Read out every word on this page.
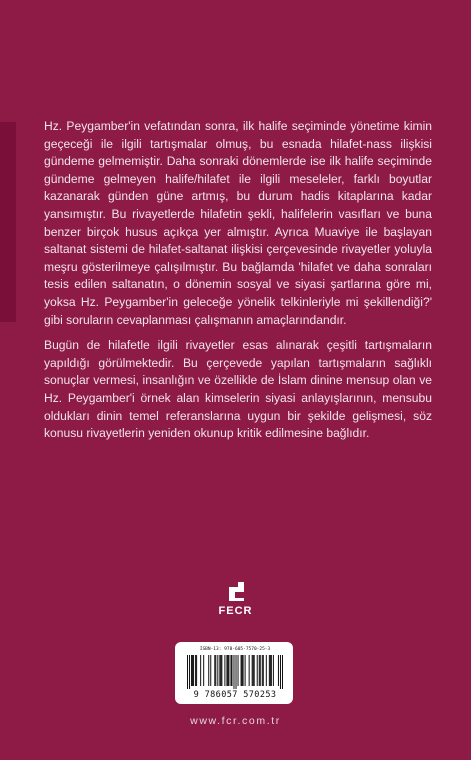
Hz. Peygamber'in vefatından sonra, ilk halife seçiminde yönetime kimin geçeceği ile ilgili tartışmalar olmuş, bu esnada hilafet-nass ilişkisi gündeme gelmemiştir. Daha sonraki dönemlerde ise ilk halife seçiminde gündeme gelmeyen halife/hilafet ile ilgili meseleler, farklı boyutlar kazanarak günden güne artmış, bu durum hadis kitaplarına kadar yansımıştır. Bu rivayetlerde hilafetin şekli, halifelerin vasıfları ve buna benzer birçok husus açıkça yer almıştır. Ayrıca Muaviye ile başlayan saltanat sistemi de hilafet-saltanat ilişkisi çerçevesinde rivayetler yoluyla meşru gösterilmeye çalışılmıştır. Bu bağlamda 'hilafet ve daha sonraları tesis edilen saltanatın, o dönemin sosyal ve siyasi şartlarına göre mi, yoksa Hz. Peygamber'in geleceğe yönelik telkinleriyle mi şekillendiği?' gibi soruların cevaplanması çalışmanın amaçlarındandır.

Bugün de hilafetle ilgili rivayetler esas alınarak çeşitli tartışmaların yapıldığı görülmektedir. Bu çerçevede yapılan tartışmaların sağlıklı sonuçlar vermesi, insanlığın ve özellikle de İslam dinine mensup olan ve Hz. Peygamber'i örnek alan kimselerin siyasi anlayışlarının, mensubu oldukları dinin temel referanslarına uygun bir şekilde gelişmesi, söz konusu rivayetlerin yeniden okunup kritik edilmesine bağlıdır.

FECR
ISBN-13: 978-605-7570-25-3
9 786057 570253
www.fcr.com.tr
